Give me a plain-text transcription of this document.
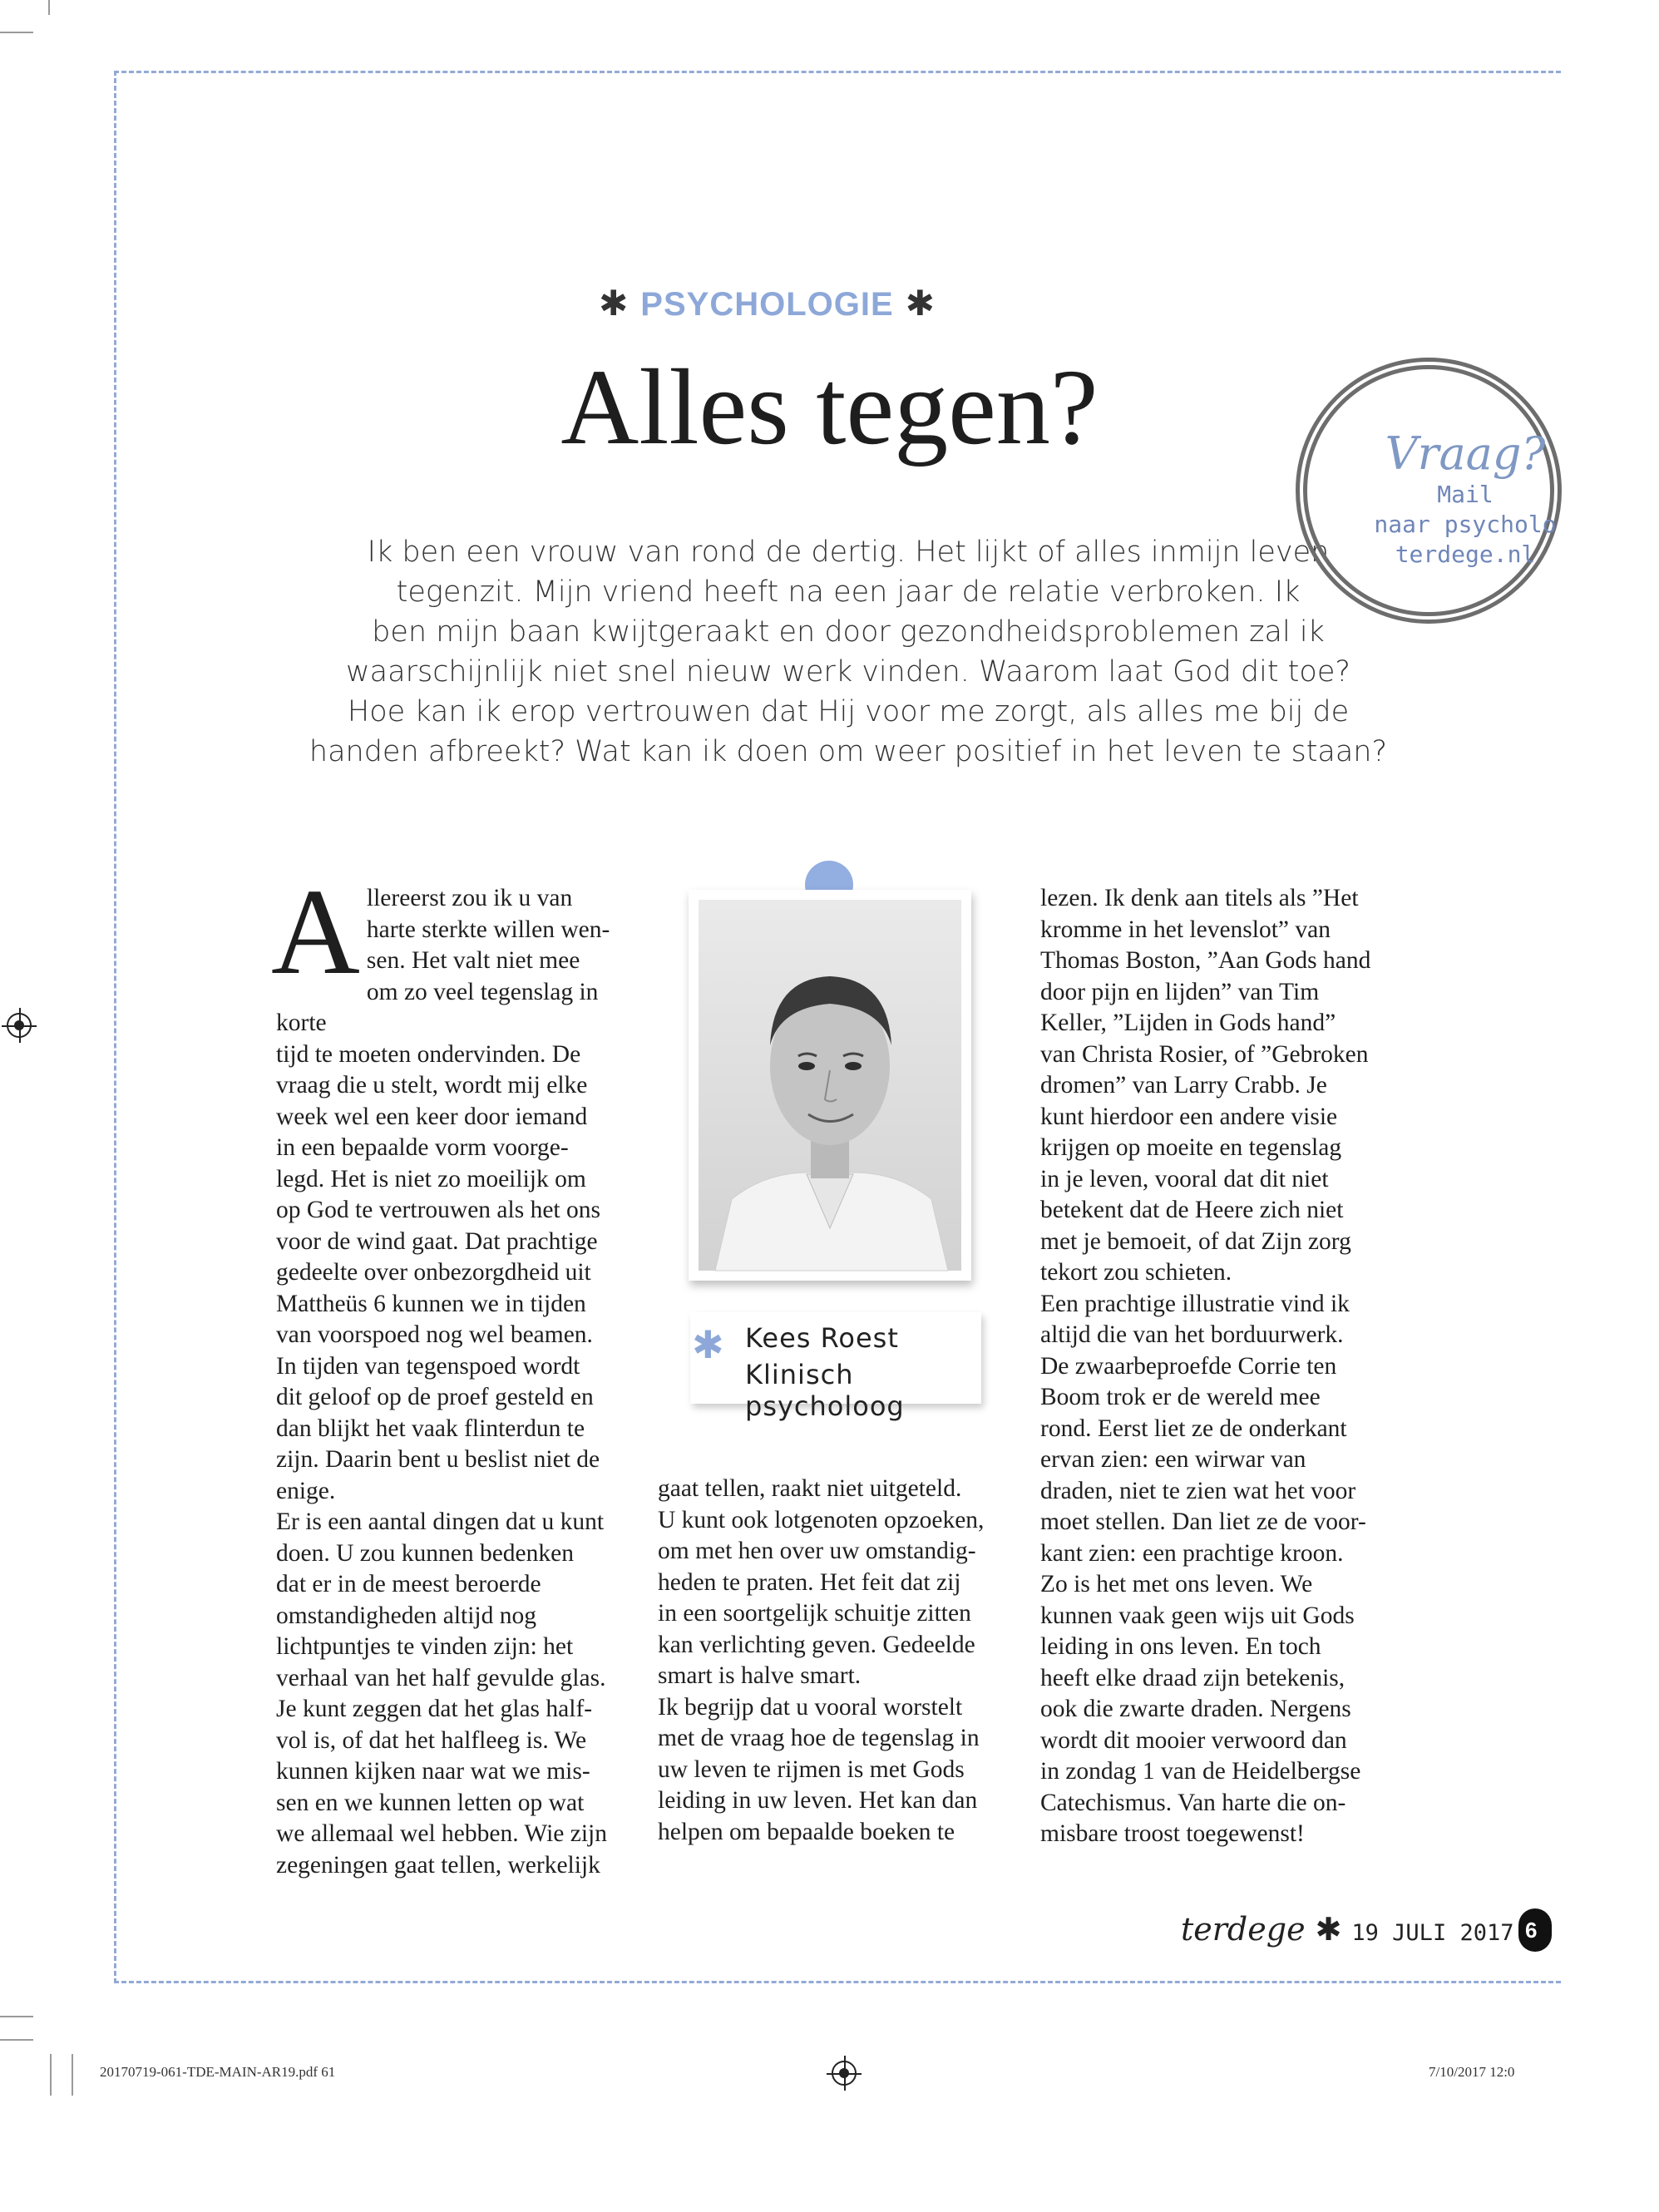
✱ PSYCHOLOGIE ✱
Alles tegen?
Ik ben een vrouw van rond de dertig. Het lijkt of alles inmijn leven
tegenzit. Mijn vriend heeft na een jaar de relatie verbroken. Ik
ben mijn baan kwijtgeraakt en door gezondheidsproblemen zal ik
waarschijnlijk niet snel nieuw werk vinden. Waarom laat God dit toe?
Hoe kan ik erop vertrouwen dat Hij voor me zorgt, als alles me bij de
handen afbreekt? Wat kan ik doen om weer positief in het leven te staan?
Vraag?
Mail
naar psycholo
terdege.nl
A llereerst zou ik u van
harte sterkte willen wen-
sen. Het valt niet mee
om zo veel tegenslag in korte
tijd te moeten ondervinden. De
vraag die u stelt, wordt mij elke
week wel een keer door iemand
in een bepaalde vorm voorge-
legd. Het is niet zo moeilijk om
op God te vertrouwen als het ons
voor de wind gaat. Dat prachtige
gedeelte over onbezorgdheid uit
Mattheüs 6 kunnen we in tijden
van voorspoed nog wel beamen.
In tijden van tegenspoed wordt
dit geloof op de proef gesteld en
dan blijkt het vaak flinterdun te
zijn. Daarin bent u beslist niet de
enige.
Er is een aantal dingen dat u kunt
doen. U zou kunnen bedenken
dat er in de meest beroerde
omstandigheden altijd nog
lichtpuntjes te vinden zijn: het
verhaal van het half gevulde glas.
Je kunt zeggen dat het glas half-
vol is, of dat het halfleeg is. We
kunnen kijken naar wat we mis-
sen en we kunnen letten op wat
we allemaal wel hebben. Wie zijn
zegeningen gaat tellen, werkelijk
✱ Kees Roest
Klinisch psycholoog
gaat tellen, raakt niet uitgeteld.
U kunt ook lotgenoten opzoeken,
om met hen over uw omstandig-
heden te praten. Het feit dat zij
in een soortgelijk schuitje zitten
kan verlichting geven. Gedeelde
smart is halve smart.
Ik begrijp dat u vooral worstelt
met de vraag hoe de tegenslag in
uw leven te rijmen is met Gods
leiding in uw leven. Het kan dan
helpen om bepaalde boeken te
lezen. Ik denk aan titels als ”Het
kromme in het levenslot” van
Thomas Boston, ”Aan Gods hand
door pijn en lijden” van Tim
Keller, ”Lijden in Gods hand”
van Christa Rosier, of ”Gebroken
dromen” van Larry Crabb. Je
kunt hierdoor een andere visie
krijgen op moeite en tegenslag
in je leven, vooral dat dit niet
betekent dat de Heere zich niet
met je bemoeit, of dat Zijn zorg
tekort zou schieten.
Een prachtige illustratie vind ik
altijd die van het borduurwerk.
De zwaarbeproefde Corrie ten
Boom trok er de wereld mee
rond. Eerst liet ze de onderkant
ervan zien: een wirwar van
draden, niet te zien wat het voor
moet stellen. Dan liet ze de voor-
kant zien: een prachtige kroon.
Zo is het met ons leven. We
kunnen vaak geen wijs uit Gods
leiding in ons leven. En toch
heeft elke draad zijn betekenis,
ook die zwarte draden. Nergens
wordt dit mooier verwoord dan
in zondag 1 van de Heidelbergse
Catechismus. Van harte die on-
misbare troost toegewenst!
terdege ✱ 19 JULI 2017 6
20170719-061-TDE-MAIN-AR19.pdf 61	7/10/2017 12:0
